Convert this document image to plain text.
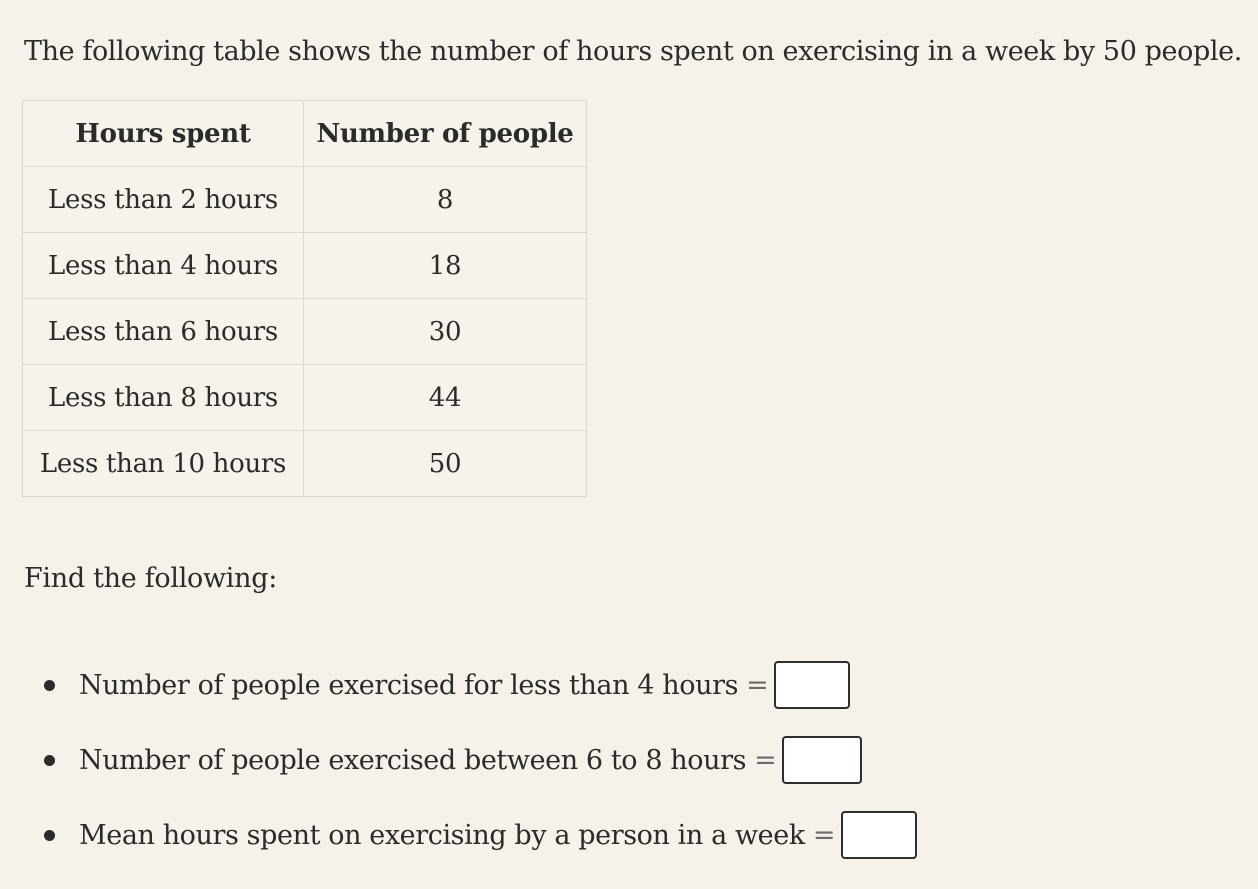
The following table shows the number of hours spent on exercising in a week by 50 people.
Hours spent	Number of people
Less than 2 hours	8
Less than 4 hours	18
Less than 6 hours	30
Less than 8 hours	44
Less than 10 hours	50
Find the following:
Number of people exercised for less than 4 hours =
Number of people exercised between 6 to 8 hours =
Mean hours spent on exercising by a person in a week =
